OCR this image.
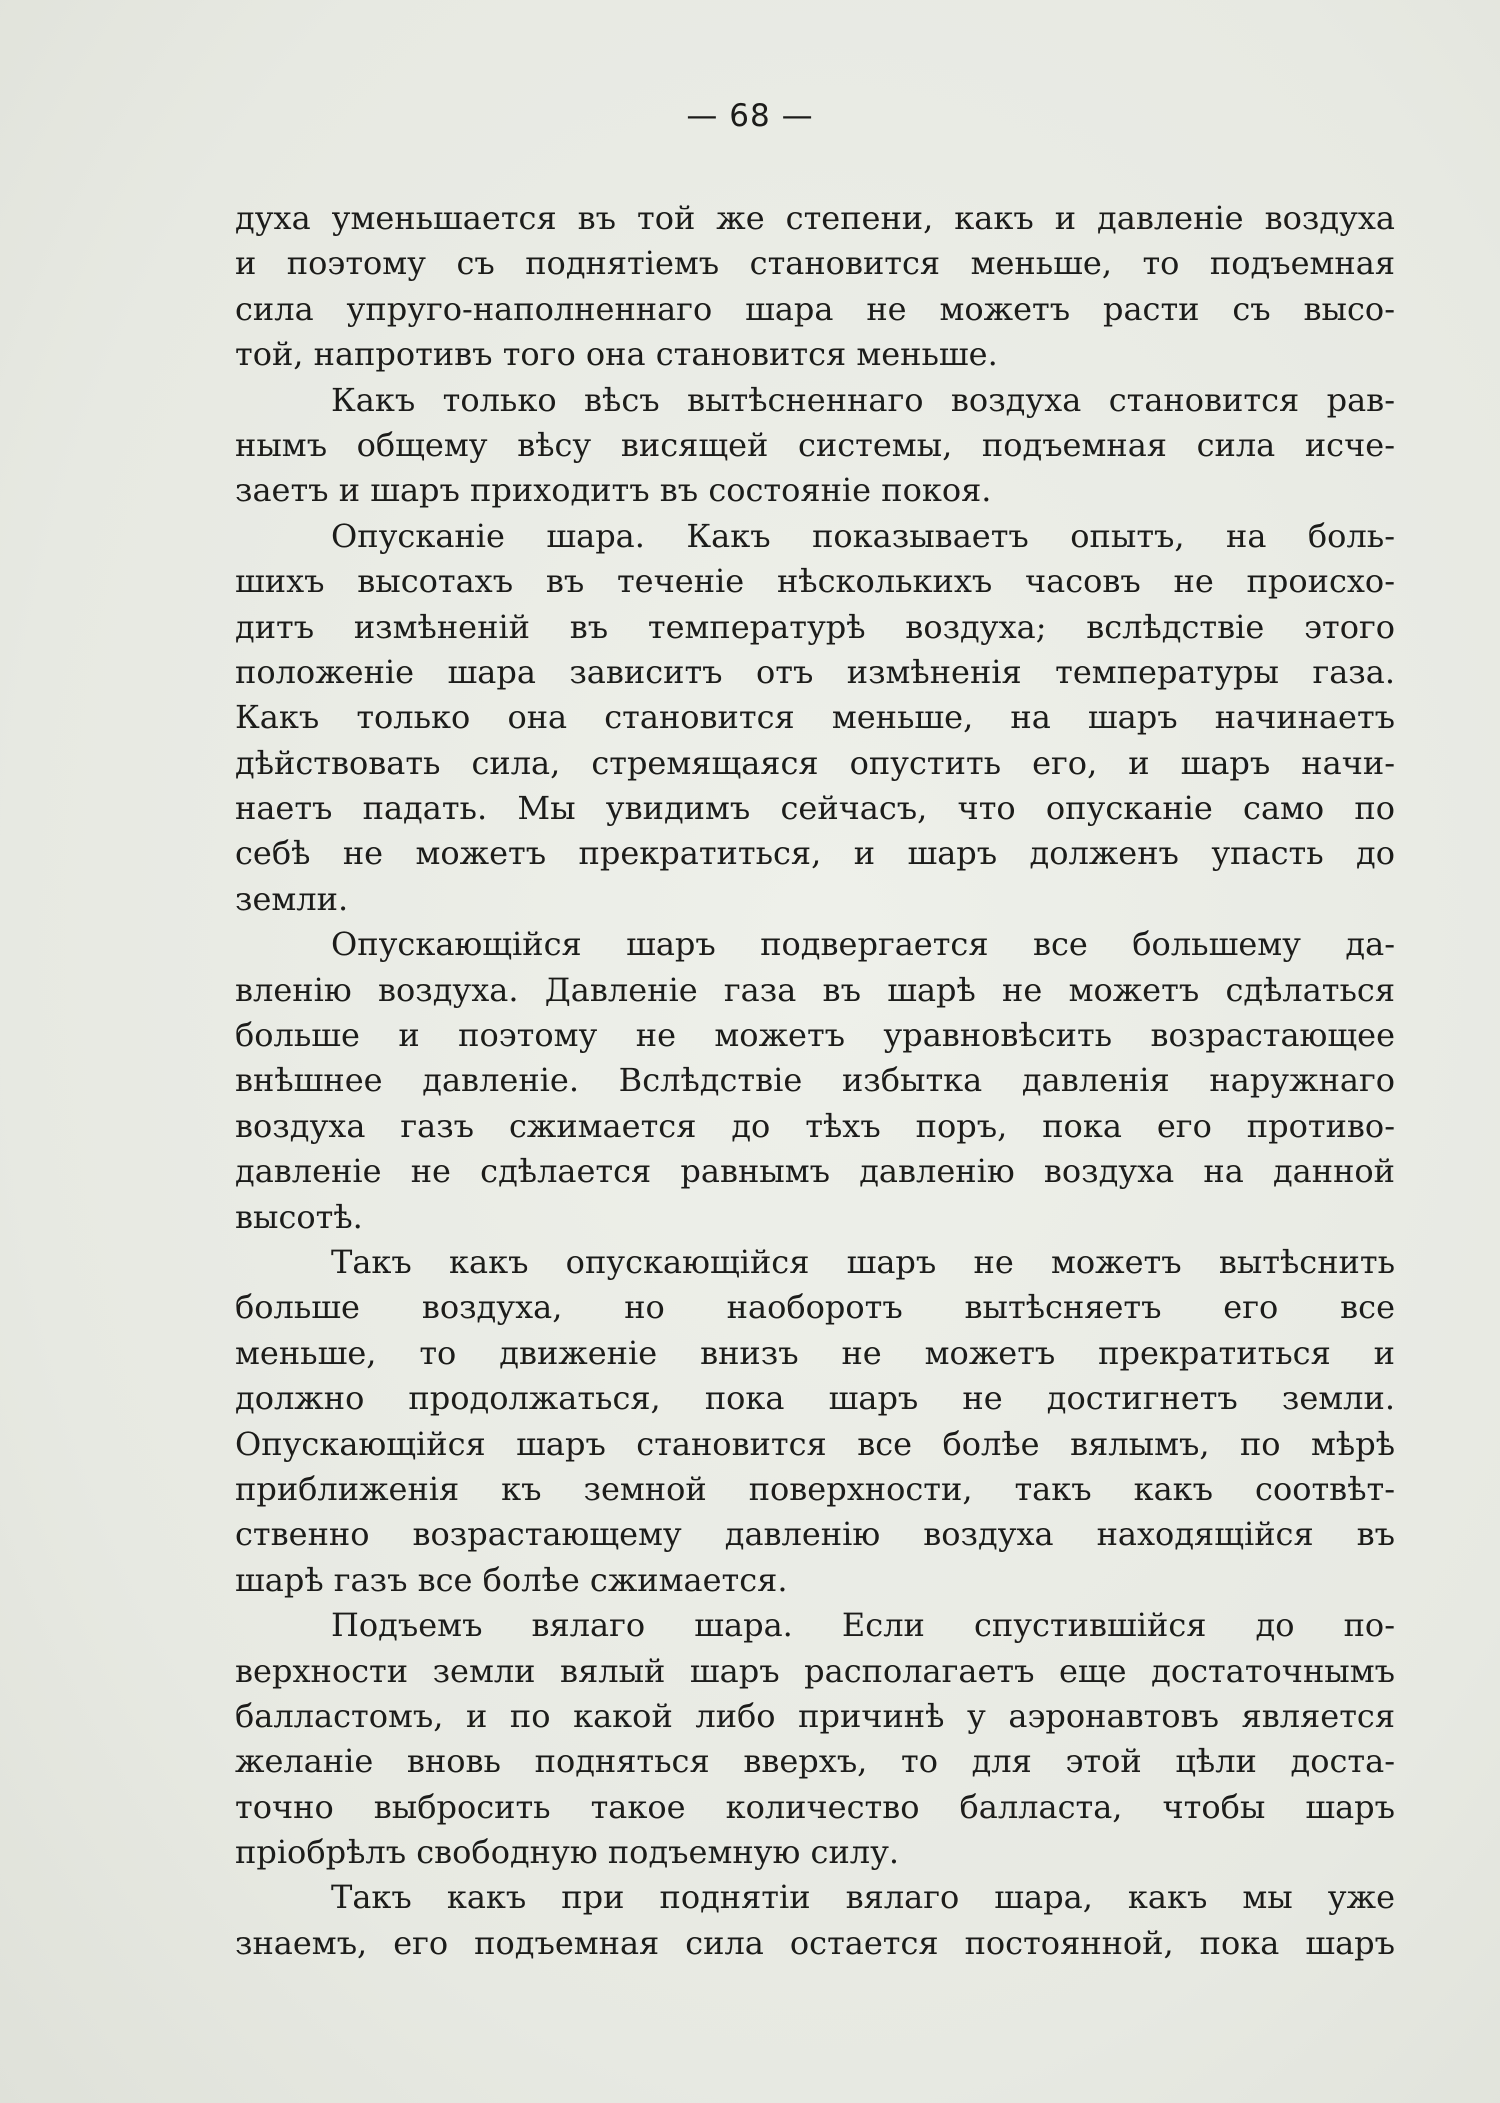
— 68 —
духа уменьшается въ той же степени, какъ и давленіе воздуха
и поэтому съ поднятіемъ становится меньше, то подъемная
сила упруго-наполненнаго шара не можетъ расти съ высо-
той, напротивъ того она становится меньше.
Какъ только вѣсъ вытѣсненнаго воздуха становится рав-
нымъ общему вѣсу висящей системы, подъемная сила исче-
заетъ и шаръ приходитъ въ состояніе покоя.
Опусканіе шара. Какъ показываетъ опытъ, на боль-
шихъ высотахъ въ теченіе нѣсколькихъ часовъ не происхо-
дитъ измѣненій въ температурѣ воздуха; вслѣдствіе этого
положеніе шара зависитъ отъ измѣненія температуры газа.
Какъ только она становится меньше, на шаръ начинаетъ
дѣйствовать сила, стремящаяся опустить его, и шаръ начи-
наетъ падать. Мы увидимъ сейчасъ, что опусканіе само по
себѣ не можетъ прекратиться, и шаръ долженъ упасть до
земли.
Опускающійся шаръ подвергается все большему да-
вленію воздуха. Давленіе газа въ шарѣ не можетъ сдѣлаться
больше и поэтому не можетъ уравновѣсить возрастающее
внѣшнее давленіе. Вслѣдствіе избытка давленія наружнаго
воздуха газъ сжимается до тѣхъ поръ, пока его противо-
давленіе не сдѣлается равнымъ давленію воздуха на данной
высотѣ.
Такъ какъ опускающійся шаръ не можетъ вытѣснить
больше воздуха, но наоборотъ вытѣсняетъ его все
меньше, то движеніе внизъ не можетъ прекратиться и
должно продолжаться, пока шаръ не достигнетъ земли.
Опускающійся шаръ становится все болѣе вялымъ, по мѣрѣ
приближенія къ земной поверхности, такъ какъ соотвѣт-
ственно возрастающему давленію воздуха находящійся въ
шарѣ газъ все болѣе сжимается.
Подъемъ вялаго шара. Если спустившійся до по-
верхности земли вялый шаръ располагаетъ еще достаточнымъ
балластомъ, и по какой либо причинѣ у аэронавтовъ является
желаніе вновь подняться вверхъ, то для этой цѣли доста-
точно выбросить такое количество балласта, чтобы шаръ
пріобрѣлъ свободную подъемную силу.
Такъ какъ при поднятіи вялаго шара, какъ мы уже
знаемъ, его подъемная сила остается постоянной, пока шаръ
